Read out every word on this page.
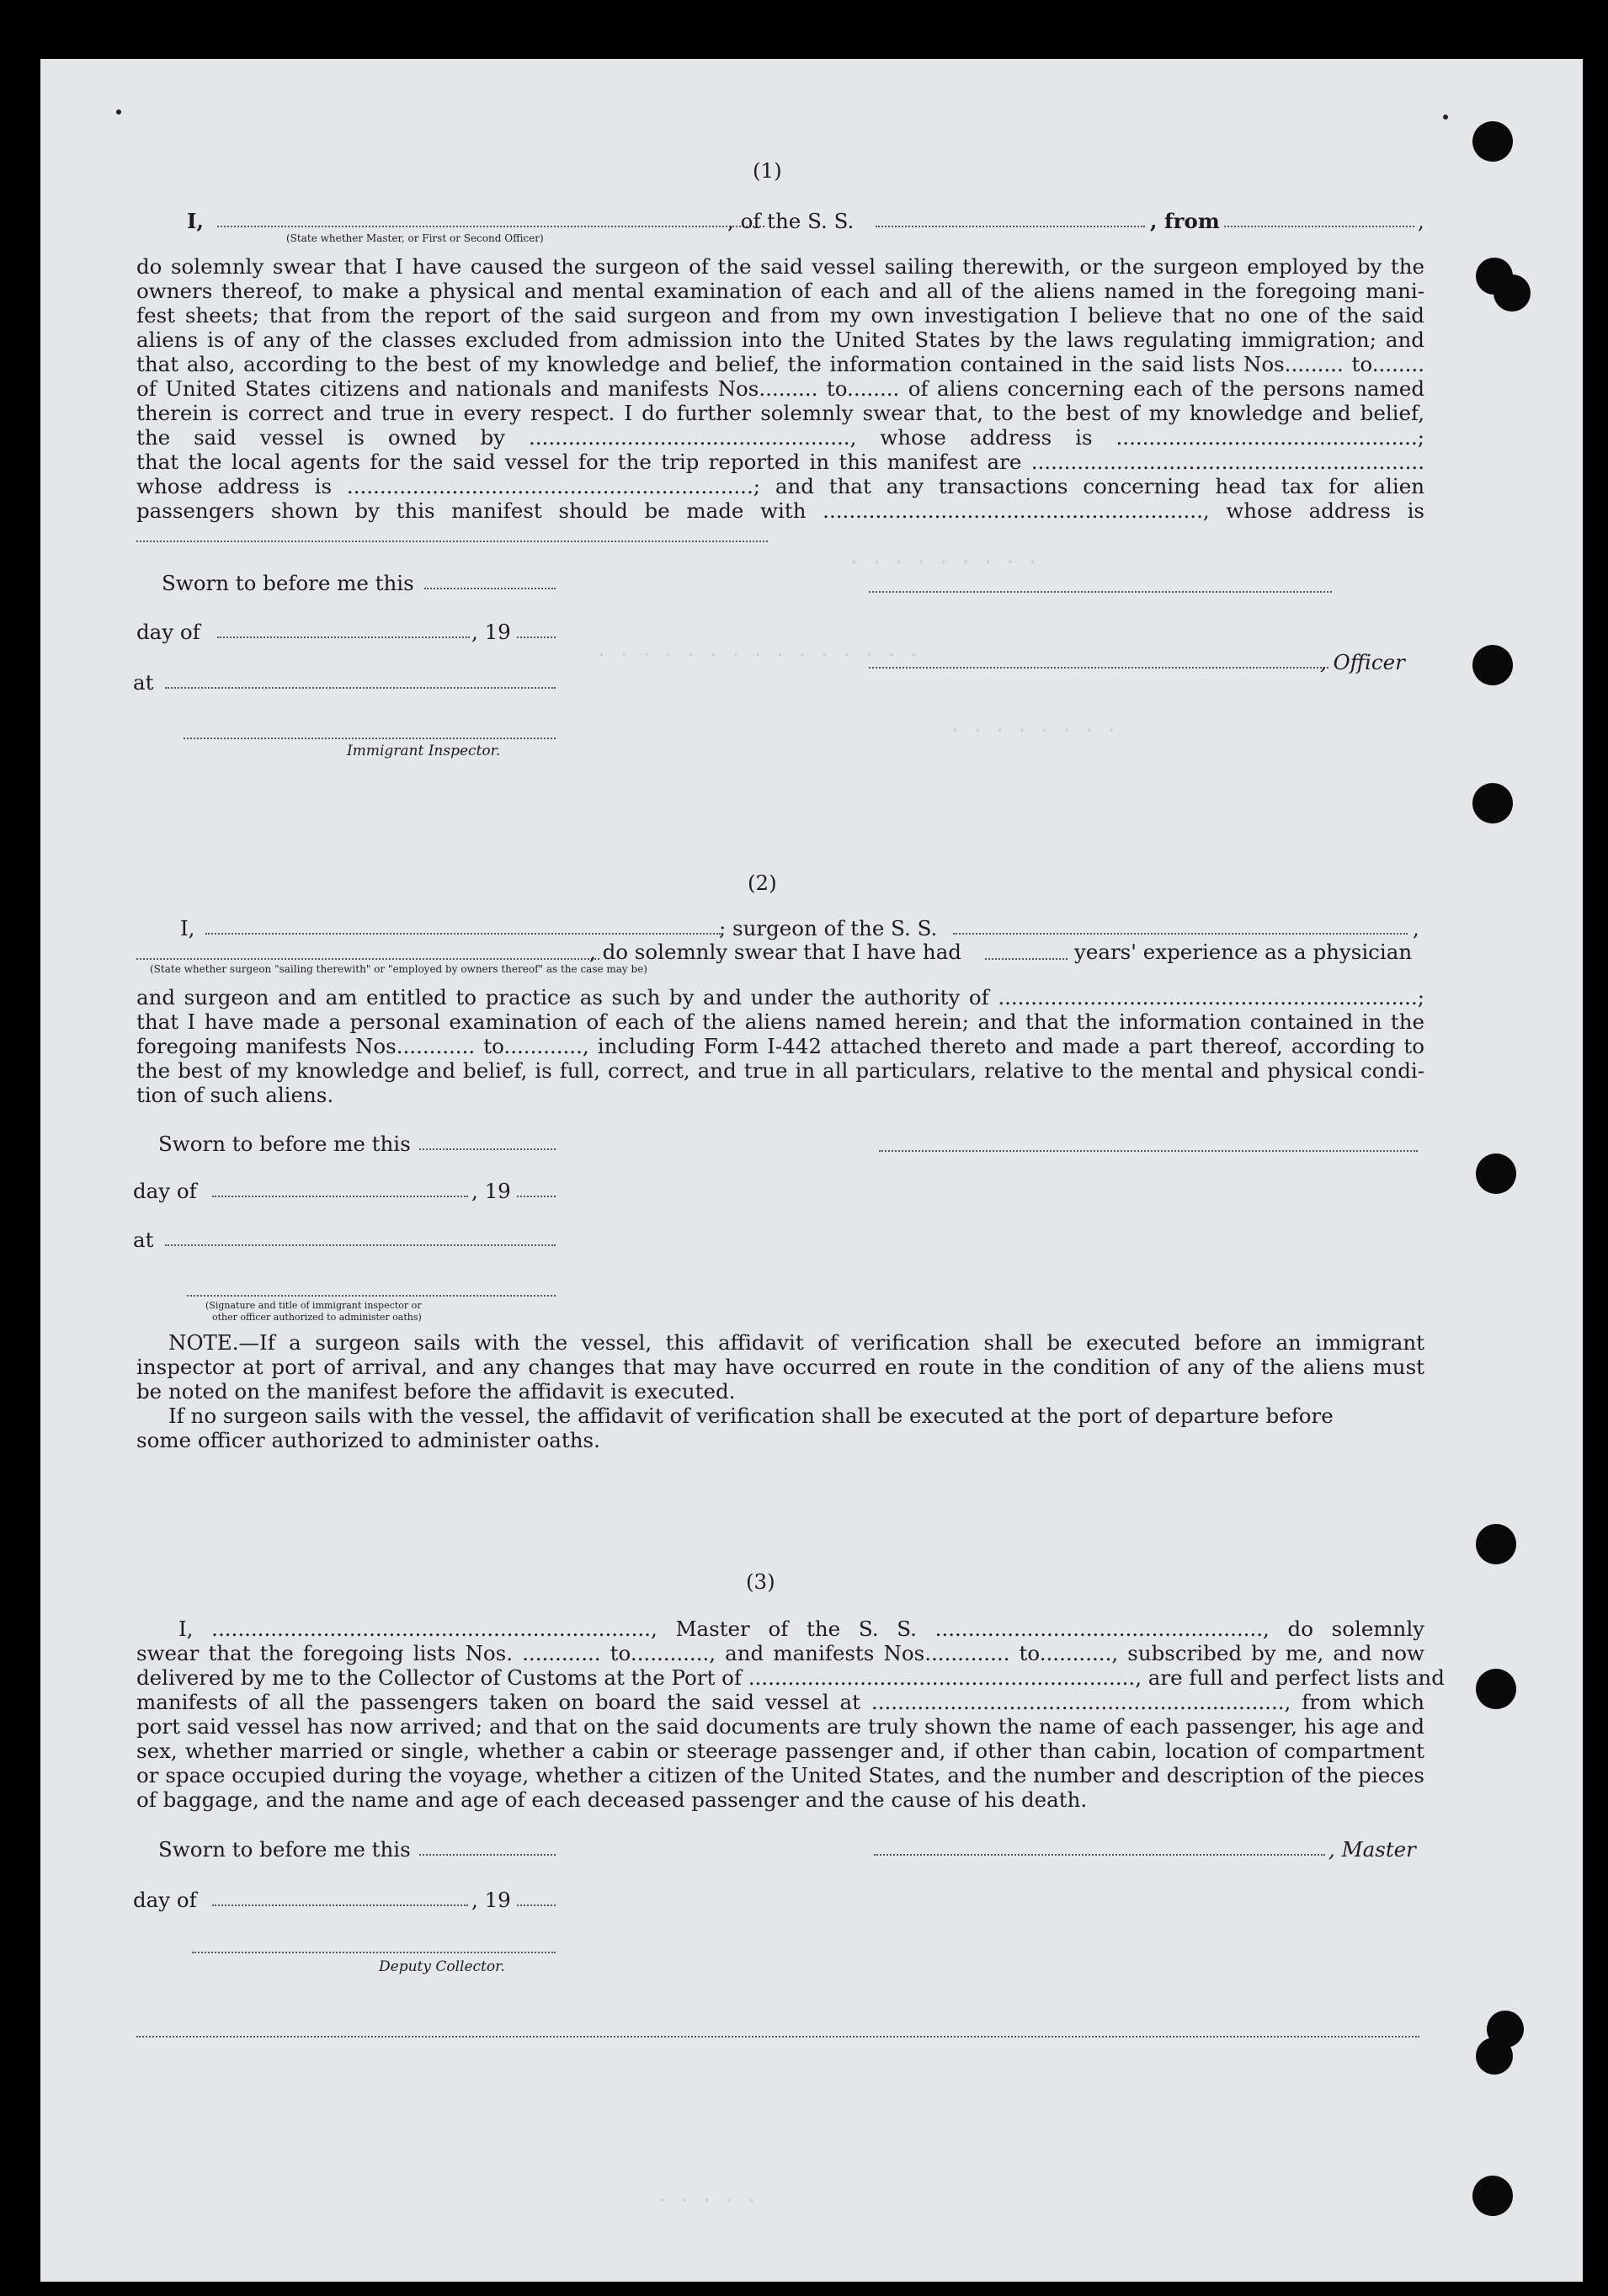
. . . . . . . . .
. . . . . . . . . . . . . . .
. . . . . . . .
(1)
I,	, of the S. S.	, from	,
(State whether Master, or First or Second Officer)
do solemnly swear that I have caused the surgeon of the said vessel sailing therewith, or the surgeon employed by the
owners thereof, to make a physical and mental examination of each and all of the aliens named in the foregoing mani-
fest sheets; that from the report of the said surgeon and from my own investigation I believe that no one of the said
aliens is of any of the classes excluded from admission into the United States by the laws regulating immigration; and
that also, according to the best of my knowledge and belief, the information contained in the said lists Nos......... to........
of United States citizens and nationals and manifests Nos......... to........ of aliens concerning each of the persons named
therein is correct and true in every respect. I do further solemnly swear that, to the best of my knowledge and belief,
the said vessel is owned by ................................................., whose address is ..............................................;
that the local agents for the said vessel for the trip reported in this manifest are ............................................................
whose address is ..............................................................; and that any transactions concerning head tax for alien
passengers shown by this manifest should be made with .........................................................., whose address is
Sworn to before me this
day of	, 19
, Officer
at
Immigrant Inspector.
(2)
I,	; surgeon of the S. S.	,
, do solemnly swear that I have had	years' experience as a physician
(State whether surgeon "sailing therewith" or "employed by owners thereof" as the case may be)
and surgeon and am entitled to practice as such by and under the authority of ................................................................;
that I have made a personal examination of each of the aliens named herein; and that the information contained in the
foregoing manifests Nos............ to............, including Form I-442 attached thereto and made a part thereof, according to
the best of my knowledge and belief, is full, correct, and true in all particulars, relative to the mental and physical condi-
tion of such aliens.
Sworn to before me this
day of	, 19
at
(Signature and title of immigrant inspector or
other officer authorized to administer oaths)
NOTE.—If a surgeon sails with the vessel, this affidavit of verification shall be executed before an immigrant
inspector at port of arrival, and any changes that may have occurred en route in the condition of any of the aliens must
be noted on the manifest before the affidavit is executed.
If no surgeon sails with the vessel, the affidavit of verification shall be executed at the port of departure before
some officer authorized to administer oaths.
(3)
I, ..................................................................., Master of the S. S. .................................................., do solemnly
swear that the foregoing lists Nos. ............ to............, and manifests Nos............. to..........., subscribed by me, and now
delivered by me to the Collector of Customs at the Port of ..........................................................., are full and perfect lists and
manifests of all the passengers taken on board the said vessel at ..............................................................., from which
port said vessel has now arrived; and that on the said documents are truly shown the name of each passenger, his age and
sex, whether married or single, whether a cabin or steerage passenger and, if other than cabin, location of compartment
or space occupied during the voyage, whether a citizen of the United States, and the number and description of the pieces
of baggage, and the name and age of each deceased passenger and the cause of his death.
Sworn to before me this	, Master
day of	, 19
Deputy Collector.
. . . . .
